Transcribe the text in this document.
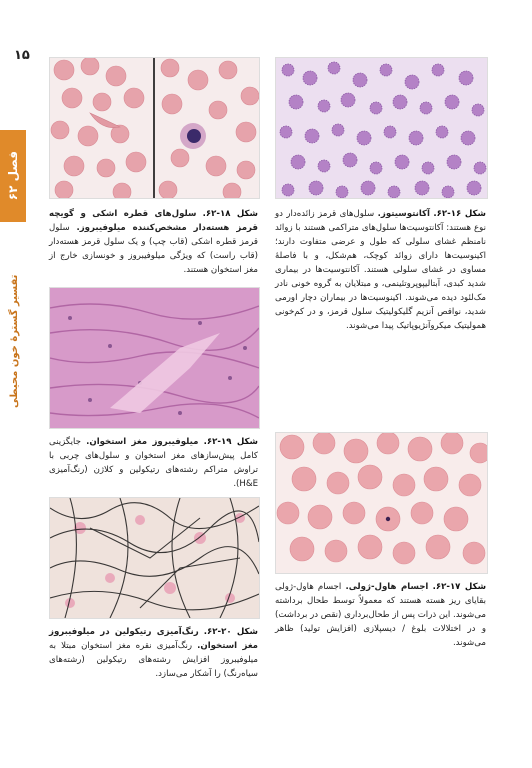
۱۵
فصل ۶۲
تفسیر گسترهٔ خون محیطی
شکل ۱۸-۶۲. سلول‌های قطره اشکی و گویچه قرمز هسته‌دار مشخص‌کننده میلوفیبروز. سلول قرمز قطره اشکی (قاب چپ) و یک سلول قرمز هسته‌دار (قاب راست) که ویژگی میلوفیبروز و خونسازی خارج از مغز استخوان هستند.
شکل ۱۶-۶۲. آکانتوسیتوز. سلول‌های قرمز زائده‌دار دو نوع هستند: آکانتوسیت‌ها سلول‌های متراکمی هستند با زوائد نامنظم غشای سلولی که طول و عرضی متفاوت دارند؛ اکینوسیت‌ها دارای زوائد کوچک، هم‌شکل، و با فاصلهٔ مساوی در غشای سلولی هستند. آکانتوسیت‌ها در بیماری شدید کبدی، آبتالیپوپروتئینمی، و مبتلایان به گروه خونی نادر مک‌لئود دیده می‌شوند. اکینوسیت‌ها در بیماران دچار اورمی شدید، نواقص آنزیم گلیکولیتیک سلول قرمز، و در کم‌خونی همولیتیک میکروآنژیوپاتیک پیدا می‌شوند.
شکل ۱۹-۶۲. میلوفیبروز مغز استخوان. جایگزینی کامل پیش‌سازهای مغز استخوان و سلول‌های چربی با تراوش متراکم رشته‌های رتیکولین و کلاژن (رنگ‌آمیزی H&E).
شکل ۱۷-۶۲. اجسام هاول-ژولی. اجسام هاول-ژولی بقایای ریز هسته هستند که معمولاً توسط طحال برداشته می‌شوند. این ذرات پس از طحال‌برداری (نقص در برداشت) و در اختلالات بلوغ / دیسپلازی (افزایش تولید) ظاهر می‌شوند.
شکل ۲۰-۶۲. رنگ‌آمیزی رتیکولین در میلوفیبروز مغز استخوان. رنگ‌آمیزی نقره مغز استخوان مبتلا به میلوفیبروز افزایش رشته‌های رتیکولین (رشته‌های سیاه‌رنگ) را آشکار می‌سازد.
